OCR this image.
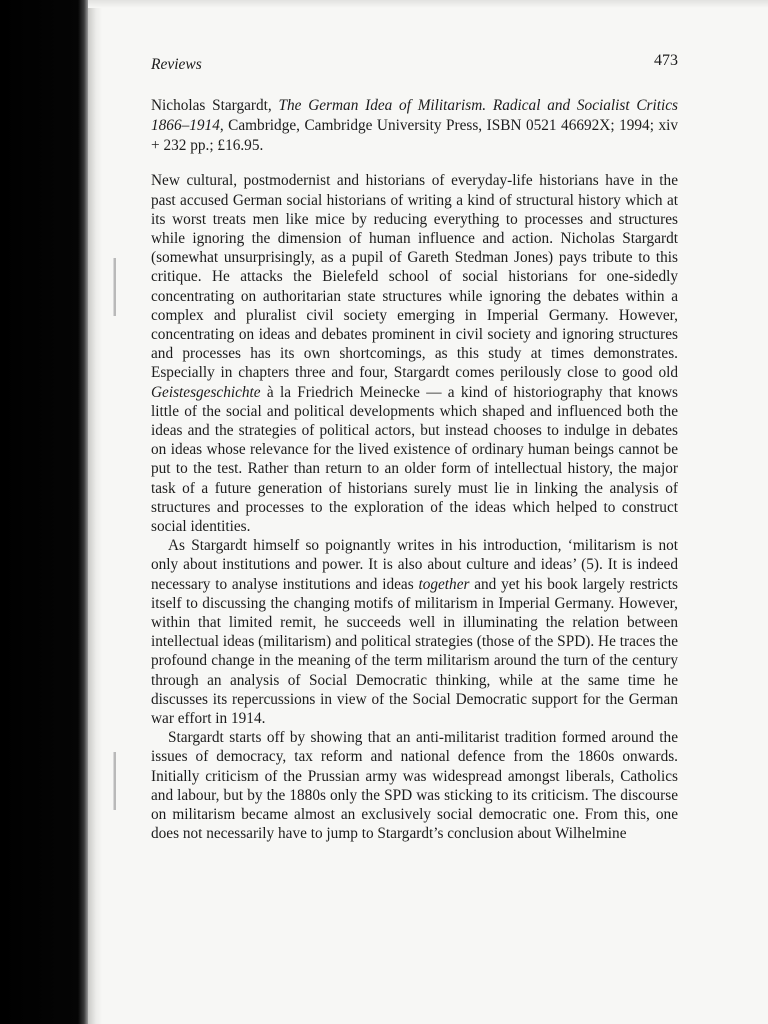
Reviews	473
Nicholas Stargardt, The German Idea of Militarism. Radical and Socialist Critics 1866–1914, Cambridge, Cambridge University Press, ISBN 0521 46692X; 1994; xiv + 232 pp.; £16.95.

New cultural, postmodernist and historians of everyday-life historians have in the past accused German social historians of writing a kind of structural history which at its worst treats men like mice by reducing everything to processes and structures while ignoring the dimension of human influence and action. Nicholas Stargardt (somewhat unsurprisingly, as a pupil of Gareth Stedman Jones) pays tribute to this critique. He attacks the Bielefeld school of social historians for one-sidedly concentrating on authoritarian state structures while ignoring the debates within a complex and pluralist civil society emerging in Imperial Germany. However, concentrating on ideas and debates prominent in civil society and ignoring structures and processes has its own shortcomings, as this study at times demonstrates. Especially in chapters three and four, Stargardt comes perilously close to good old Geistesgeschichte à la Friedrich Meinecke — a kind of historiography that knows little of the social and political developments which shaped and influenced both the ideas and the strategies of political actors, but instead chooses to indulge in debates on ideas whose relevance for the lived existence of ordinary human beings cannot be put to the test. Rather than return to an older form of intellectual history, the major task of a future generation of historians surely must lie in linking the analysis of structures and processes to the exploration of the ideas which helped to construct social identities.

As Stargardt himself so poignantly writes in his introduction, ‘militarism is not only about institutions and power. It is also about culture and ideas’ (5). It is indeed necessary to analyse institutions and ideas together and yet his book largely restricts itself to discussing the changing motifs of militarism in Imperial Germany. However, within that limited remit, he succeeds well in illuminating the relation between intellectual ideas (militarism) and political strategies (those of the SPD). He traces the profound change in the meaning of the term militarism around the turn of the century through an analysis of Social Democratic thinking, while at the same time he discusses its repercussions in view of the Social Democratic support for the German war effort in 1914.

Stargardt starts off by showing that an anti-militarist tradition formed around the issues of democracy, tax reform and national defence from the 1860s onwards. Initially criticism of the Prussian army was widespread amongst liberals, Catholics and labour, but by the 1880s only the SPD was sticking to its criticism. The discourse on militarism became almost an exclusively social democratic one. From this, one does not necessarily have to jump to Stargardt’s conclusion about Wilhelmine
